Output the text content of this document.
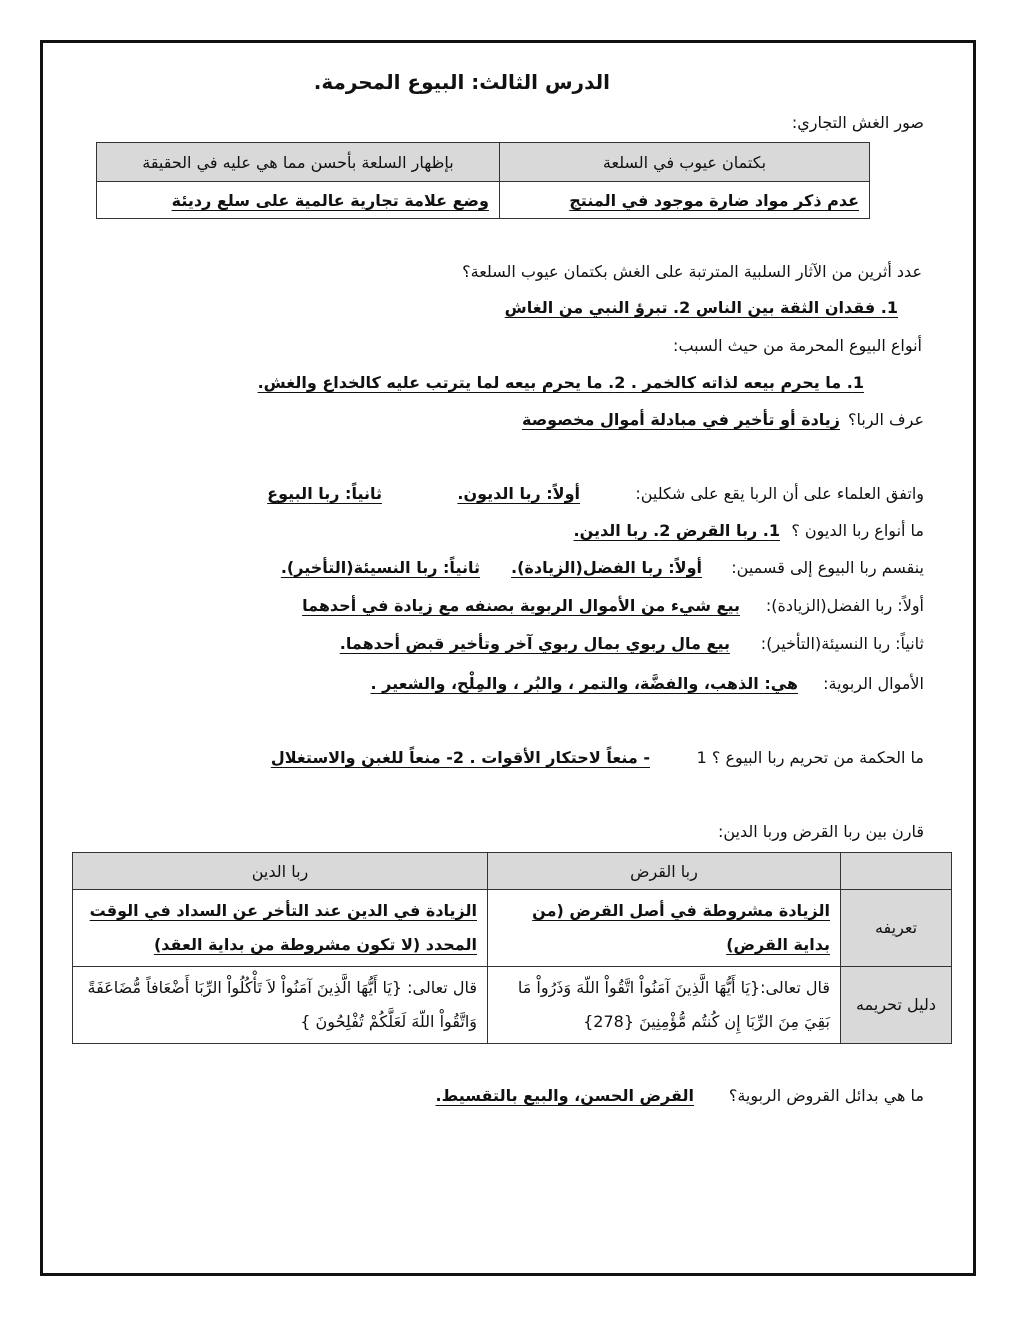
الدرس الثالث: البيوع المحرمة.
صور الغش التجاري:
بكتمان عيوب في السلعة	بإظهار السلعة بأحسن مما هي عليه في الحقيقة
عدم ذكر مواد ضارة موجود في المنتج	وضع علامة تجارية عالمية على سلع رديئة
عدد أثرين من الآثار السلبية المترتبة على الغش بكتمان عيوب السلعة؟
1. فقدان الثقة بين الناس 2. تبرؤ النبي من الغاش
أنواع البيوع المحرمة من حيث السبب:
1. ما يحرم بيعه لذاته كالخمر . 2. ما يحرم بيعه لما يترتب عليه كالخداع والغش.
عرف الربا؟
زيادة أو تأخير في مبادلة أموال مخصوصة
واتفق العلماء على أن الربا يقع على شكلين:
أولاً: ربا الديون.
ثانياً: ربا البيوع
ما أنواع ربا الديون ؟
1. ربا القرض 2. ربا الدين.
ينقسم ربا البيوع إلى قسمين:
أولاً: ربا الفضل(الزيادة).
ثانياً: ربا النسيئة(التأخير).
أولاً: ربا الفضل(الزيادة):
بيع شيء من الأموال الربوية بصنفه مع زيادة في أحدهما
ثانياً: ربا النسيئة(التأخير):
بيع مال ربوي بمال ربوي آخر وتأخير قبض أحدهما.
الأموال الربوية:
هي: الذهب، والفضَّة، والتمر ، والبُر ، والمِلْح، والشعير .
ما الحكمة من تحريم ربا البيوع ؟ 1
- منعاً لاحتكار الأقوات . 2- منعاً للغبن والاستغلال
قارن بين ربا القرض وربا الدين:
	ربا القرض	ربا الدين
تعريفه	الزيادة مشروطة في أصل القرض (من بداية القرض)	الزيادة في الدين عند التأخر عن السداد في الوقت المحدد (لا تكون مشروطة من بداية العقد)
دليل تحريمه	قال تعالى:{يَا أَيُّهَا الَّذِينَ آمَنُواْ اتَّقُواْ اللّهَ وَذَرُواْ مَا بَقِيَ مِنَ الرِّبَا إِن كُنتُم مُّؤْمِنِينَ {278}	قال تعالى: {يَا أَيُّهَا الَّذِينَ آمَنُواْ لاَ تَأْكُلُواْ الرِّبَا أَضْعَافاً مُّضَاعَفَةً وَاتَّقُواْ اللّهَ لَعَلَّكُمْ تُفْلِحُونَ }
ما هي بدائل القروض الربوية؟
القرض الحسن، والبيع بالتقسيط.
